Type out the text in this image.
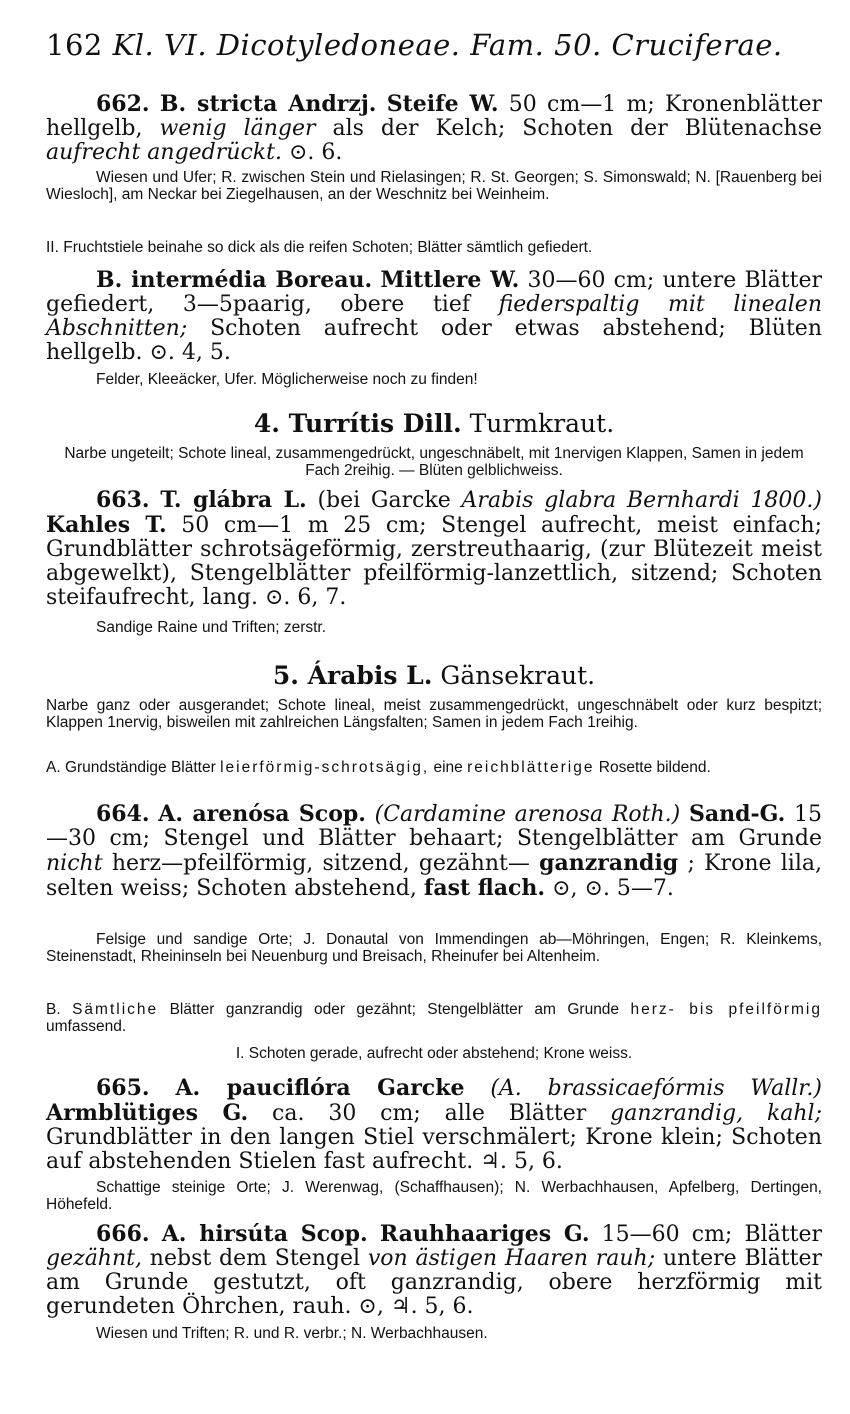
162 Kl. VI. Dicotyledoneae. Fam. 50. Cruciferae.
662. B. stricta Andrzj. Steife W. 50 cm—1 m; Kronenblätter hellgelb, wenig länger als der Kelch; Schoten der Blütenachse aufrecht angedrückt. ⊙. 6.
Wiesen und Ufer; R. zwischen Stein und Rielasingen; R. St. Georgen; S. Simonswald; N. [Rauenberg bei Wiesloch], am Neckar bei Ziegelhausen, an der Weschnitz bei Weinheim.
II. Fruchtstiele beinahe so dick als die reifen Schoten; Blätter sämtlich gefiedert.
B. intermédia Boreau. Mittlere W. 30—60 cm; untere Blätter gefiedert, 3—5paarig, obere tief fiederspaltig mit linealen Abschnitten; Schoten aufrecht oder etwas abstehend; Blüten hellgelb. ⊙. 4, 5.
Felder, Kleeäcker, Ufer. Möglicherweise noch zu finden!
4. Turrítis Dill. Turmkraut.
Narbe ungeteilt; Schote lineal, zusammengedrückt, ungeschnäbelt, mit 1nervigen Klappen, Samen in jedem Fach 2reihig. — Blüten gelblichweiss.
663. T. glábra L. (bei Garcke Arabis glabra Bernhardi 1800.) Kahles T. 50 cm—1 m 25 cm; Stengel aufrecht, meist einfach; Grundblätter schrotsägeförmig, zerstreuthaarig, (zur Blütezeit meist abgewelkt), Stengelblätter pfeilförmig-lanzettlich, sitzend; Schoten steifaufrecht, lang. ⊙. 6, 7.
Sandige Raine und Triften; zerstr.
5. Árabis L. Gänsekraut.
Narbe ganz oder ausgerandet; Schote lineal, meist zusammengedrückt, ungeschnäbelt oder kurz bespitzt; Klappen 1nervig, bisweilen mit zahlreichen Längsfalten; Samen in jedem Fach 1reihig.
A. Grundständige Blätter leierförmig-schrotsägig, eine reichblätterige Rosette bildend.
664. A. arenósa Scop. (Cardamine arenosa Roth.) Sand-G. 15—30 cm; Stengel und Blätter behaart; Stengelblätter am Grunde nicht herz—pfeilförmig, sitzend, gezähnt— ganzrandig ; Krone lila, selten weiss; Schoten abstehend, fast flach. ⊙, ⊙. 5—7.
Felsige und sandige Orte; J. Donautal von Immendingen ab—Möhringen, Engen; R. Kleinkems, Steinenstadt, Rheininseln bei Neuenburg und Breisach, Rheinufer bei Altenheim.
B. Sämtliche Blätter ganzrandig oder gezähnt; Stengelblätter am Grunde herz- bis pfeilförmig umfassend.
I. Schoten gerade, aufrecht oder abstehend; Krone weiss.
665. A. pauciflóra Garcke (A. brassicaefórmis Wallr.) Armblütiges G. ca. 30 cm; alle Blätter ganzrandig, kahl; Grundblätter in den langen Stiel verschmälert; Krone klein; Schoten auf abstehenden Stielen fast aufrecht. ♃. 5, 6.
Schattige steinige Orte; J. Werenwag, (Schaffhausen); N. Werbachhausen, Apfelberg, Dertingen, Höhefeld.
666. A. hirsúta Scop. Rauhhaariges G. 15—60 cm; Blätter gezähnt, nebst dem Stengel von ästigen Haaren rauh; untere Blätter am Grunde gestutzt, oft ganzrandig, obere herzförmig mit gerundeten Öhrchen, rauh. ⊙, ♃. 5, 6.
Wiesen und Triften; R. und R. verbr.; N. Werbachhausen.
